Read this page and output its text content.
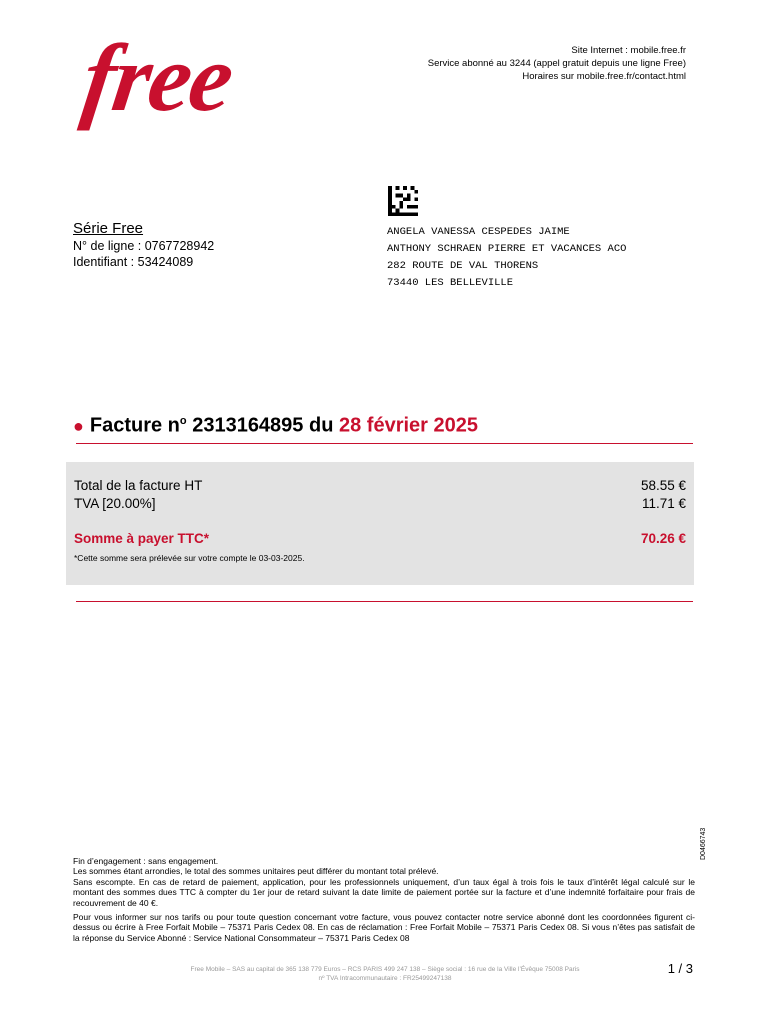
free	Site Internet : mobile.free.fr
Service abonné au 3244 (appel gratuit depuis une ligne Free)
Horaires sur mobile.free.fr/contact.html
Série Free
N° de ligne : 0767728942
Identifiant : 53424089
ANGELA VANESSA CESPEDES JAIME
ANTHONY SCHRAEN PIERRE ET VACANCES ACO
282 ROUTE DE VAL THORENS
73440 LES BELLEVILLE
● Facture $n^o$ 2313164895 du 28 février 2025
Total de la facture HT	58.55 €
TVA [20.00%]	11.71 €
Somme à payer TTC*	70.26 €
*Cette somme sera prélevée sur votre compte le 03-03-2025.

Fin d’engagement : sans engagement.
Les sommes étant arrondies, le total des sommes unitaires peut différer du montant total prélevé.
Sans escompte. En cas de retard de paiement, application, pour les professionnels uniquement, d’un taux égal à trois fois le taux d’intérêt légal calculé sur le montant des sommes dues TTC à compter du 1er jour de retard suivant la date limite de paiement portée sur la facture et d’une indemnité forfaitaire pour frais de recouvrement de 40 €.

Pour vous informer sur nos tarifs ou pour toute question concernant votre facture, vous pouvez contacter notre service abonné dont les coordonnées figurent ci-dessus ou écrire à Free Forfait Mobile – 75371 Paris Cedex 08. En cas de réclamation : Free Forfait Mobile – 75371 Paris Cedex 08. Si vous n’êtes pas satisfait de la réponse du Service Abonné : Service National Consommateur – 75371 Paris Cedex 08

D0466743
Free Mobile – SAS au capital de 365 138 779 Euros – RCS PARIS 499 247 138 – Siège social : 16 rue de la Ville l’Évêque 75008 Paris
nº TVA Intracommunautaire : FR25499247138
1 / 3
